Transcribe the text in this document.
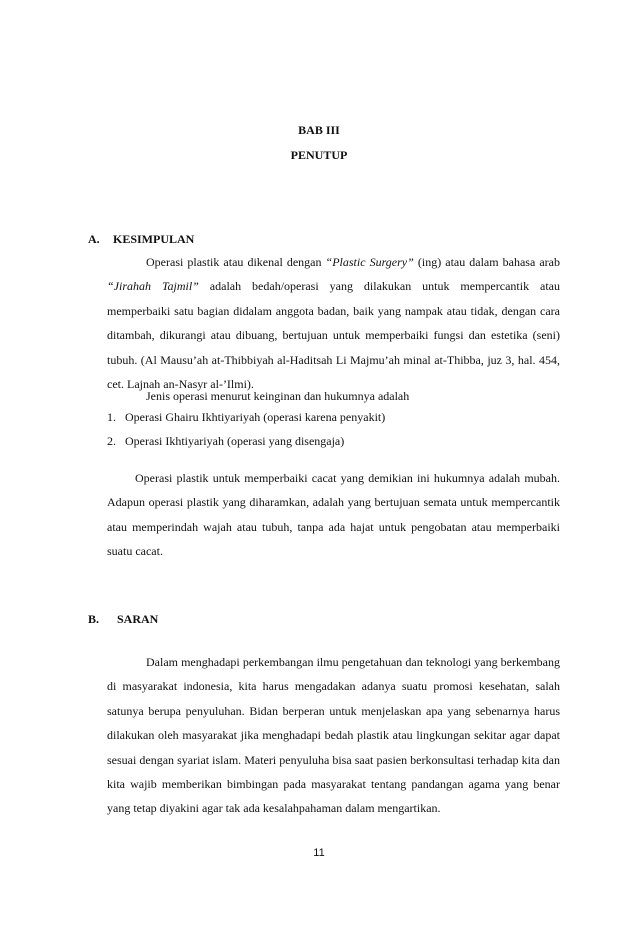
BAB III

PENUTUP

A. KESIMPULAN

Operasi plastik atau dikenal dengan “Plastic Surgery” (ing) atau dalam bahasa arab “Jirahah Tajmil” adalah bedah/operasi yang dilakukan untuk mempercantik atau memperbaiki satu bagian didalam anggota badan, baik yang nampak atau tidak, dengan cara ditambah, dikurangi atau dibuang, bertujuan untuk memperbaiki fungsi dan estetika (seni) tubuh. (Al Mausu’ah at-Thibbiyah al-Haditsah Li Majmu’ah minal at-Thibba, juz 3, hal. 454, cet. Lajnah an-Nasyr al-’Ilmi).

Jenis operasi menurut keinginan dan hukumnya adalah

1. Operasi Ghairu Ikhtiyariyah (operasi karena penyakit)

2. Operasi Ikhtiyariyah (operasi yang disengaja)

Operasi plastik untuk memperbaiki cacat yang demikian ini hukumnya adalah mubah. Adapun operasi plastik yang diharamkan, adalah yang bertujuan semata untuk mempercantik atau memperindah wajah atau tubuh, tanpa ada hajat untuk pengobatan atau memperbaiki suatu cacat.

B. SARAN

Dalam menghadapi perkembangan ilmu pengetahuan dan teknologi yang berkembang di masyarakat indonesia, kita harus mengadakan adanya suatu promosi kesehatan, salah satunya berupa penyuluhan. Bidan berperan untuk menjelaskan apa yang sebenarnya harus dilakukan oleh masyarakat jika menghadapi bedah plastik atau lingkungan sekitar agar dapat sesuai dengan syariat islam. Materi penyuluha bisa saat pasien berkonsultasi terhadap kita dan kita wajib memberikan bimbingan pada masyarakat tentang pandangan agama yang benar yang tetap diyakini agar tak ada kesalahpahaman dalam mengartikan.

11
